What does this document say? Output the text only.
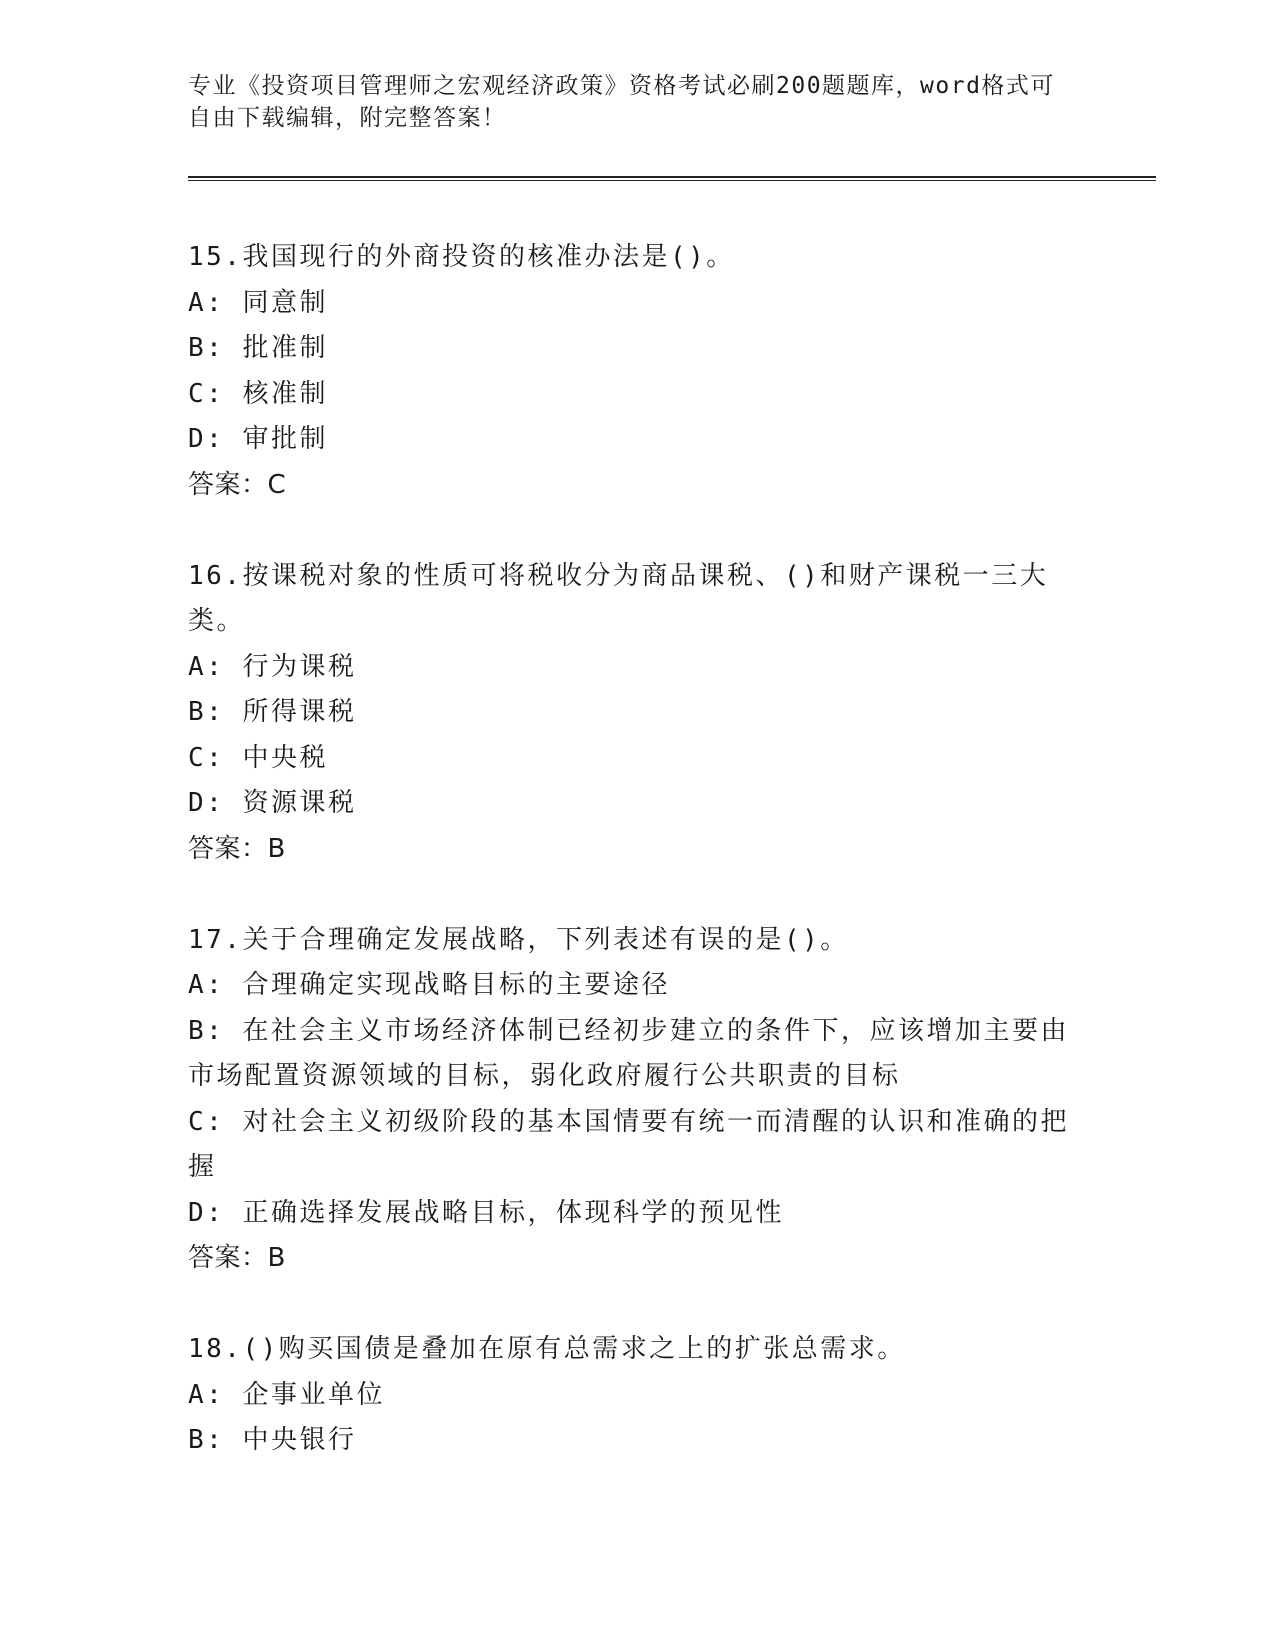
专业《投资项目管理师之宏观经济政策》资格考试必刷200题题库，word格式可自由下载编辑，附完整答案！

15.我国现行的外商投资的核准办法是()。

A: 同意制

B: 批准制

C: 核准制

D: 审批制

答案：C

16.按课税对象的性质可将税收分为商品课税、()和财产课税一三大类。

A: 行为课税

B: 所得课税

C: 中央税

D: 资源课税

答案：B

17.关于合理确定发展战略，下列表述有误的是()。

A: 合理确定实现战略目标的主要途径

B: 在社会主义市场经济体制已经初步建立的条件下，应该增加主要由市场配置资源领域的目标，弱化政府履行公共职责的目标

C: 对社会主义初级阶段的基本国情要有统一而清醒的认识和准确的把握

D: 正确选择发展战略目标，体现科学的预见性

答案：B

18.()购买国债是叠加在原有总需求之上的扩张总需求。

A: 企事业单位

B: 中央银行
